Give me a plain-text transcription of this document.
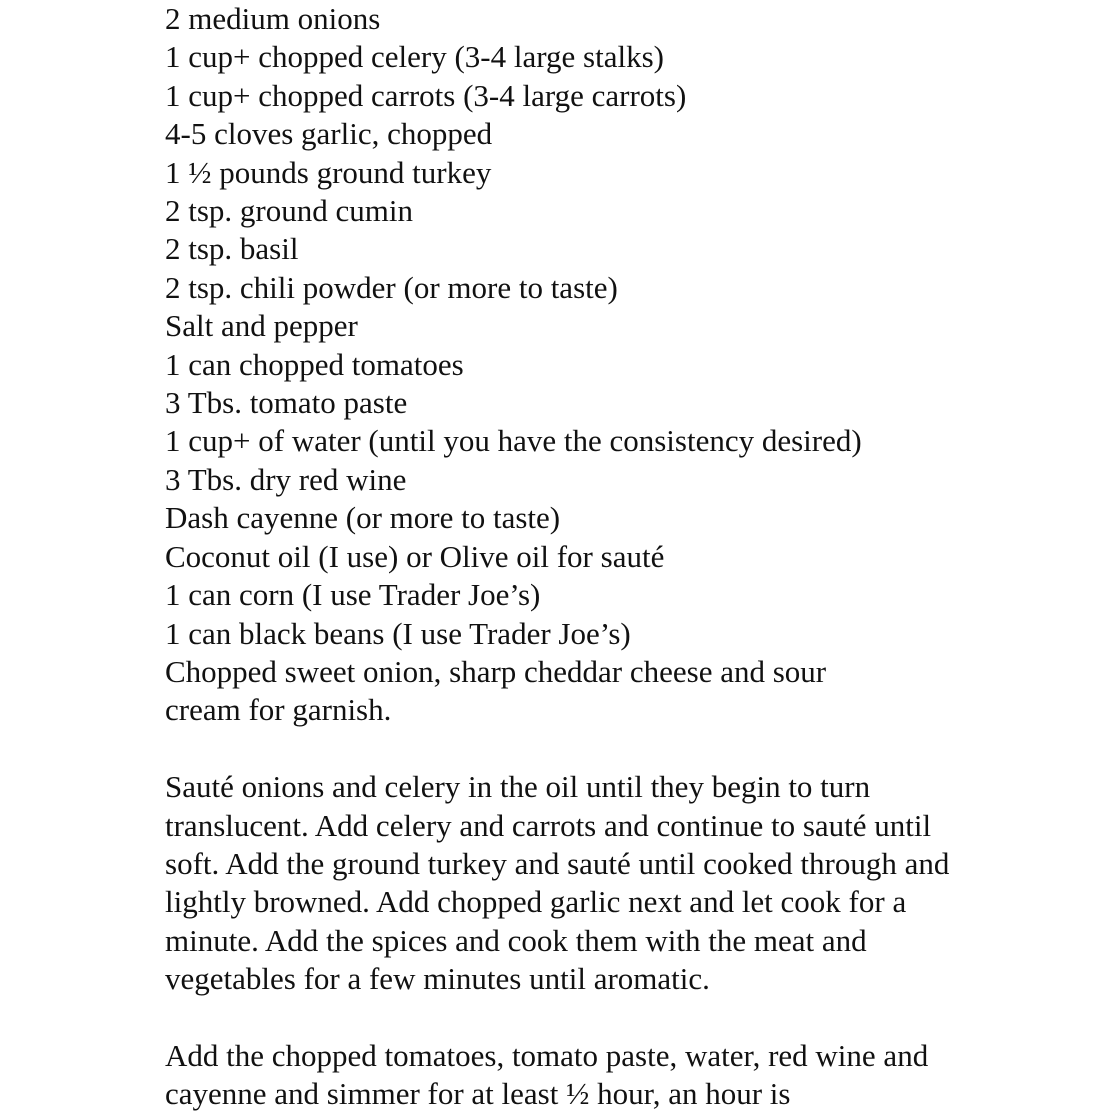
2 medium onions
1 cup+ chopped celery (3-4 large stalks)
1 cup+ chopped carrots (3-4 large carrots)
4-5 cloves garlic, chopped
1 ½ pounds ground turkey
2 tsp. ground cumin
2 tsp. basil
2 tsp. chili powder (or more to taste)
Salt and pepper
1 can chopped tomatoes
3 Tbs. tomato paste
1 cup+ of water (until you have the consistency desired)
3 Tbs. dry red wine
Dash cayenne (or more to taste)
Coconut oil (I use) or Olive oil for sauté
1 can corn (I use Trader Joe’s)
1 can black beans (I use Trader Joe’s)
Chopped sweet onion, sharp cheddar cheese and sour cream for garnish.

Sauté onions and celery in the oil until they begin to turn translucent. Add celery and carrots and continue to sauté until soft. Add the ground turkey and sauté until cooked through and lightly browned. Add chopped garlic next and let cook for a minute. Add the spices and cook them with the meat and vegetables for a few minutes until aromatic.

Add the chopped tomatoes, tomato paste, water, red wine and cayenne and simmer for at least ½ hour, an hour is
